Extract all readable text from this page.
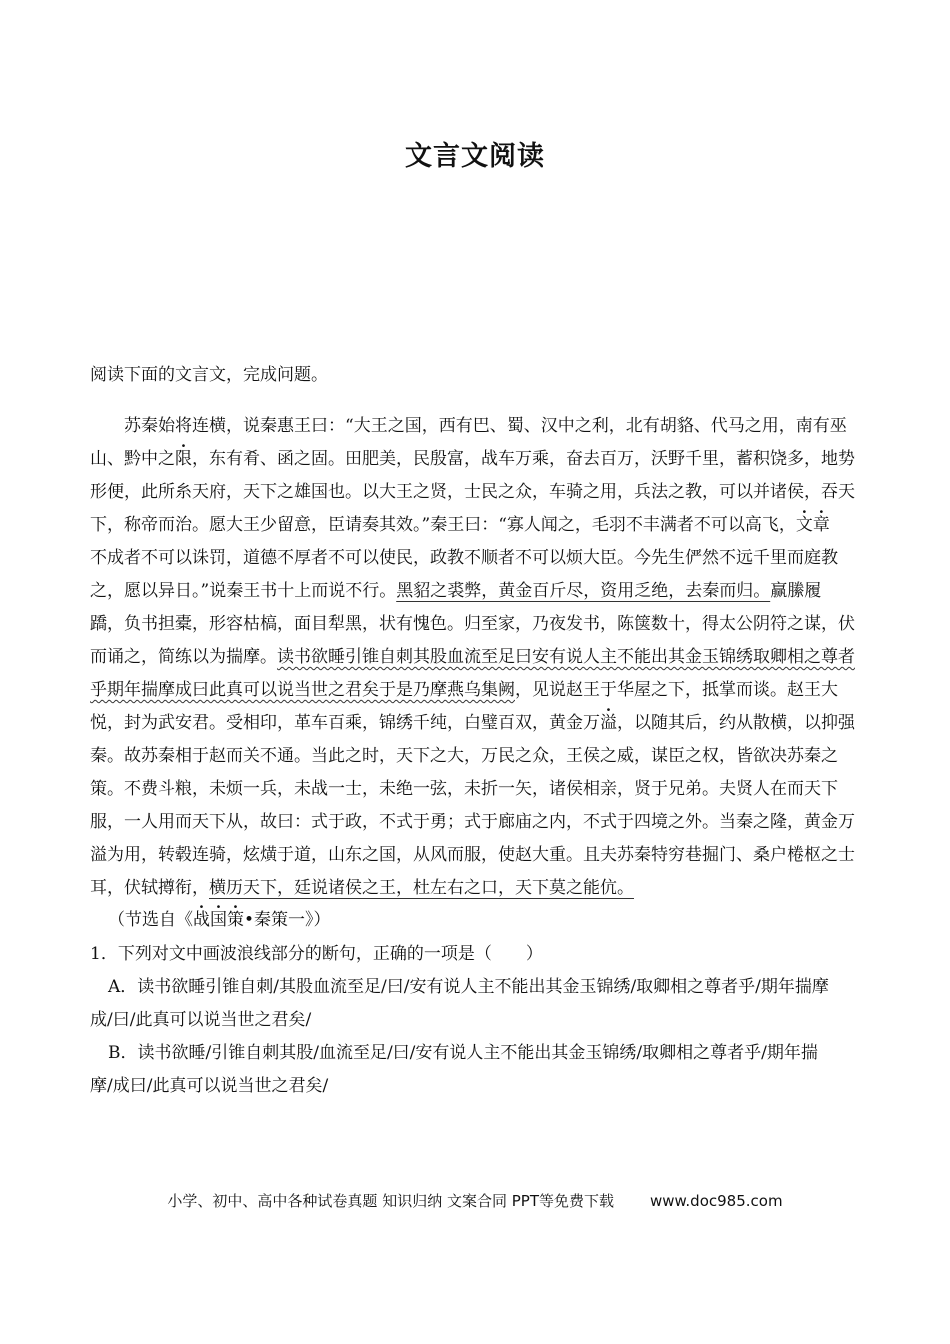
文言文阅读
阅读下面的文言文，完成问题。
苏秦始将连横，说秦惠王曰：“大王之国，西有巴、蜀、汉中之利，北有胡貉、代马之用，南有巫
山、黔中之限，东有肴、函之固。田肥美，民殷富，战车万乘，奋去百万，沃野千里，蓄积饶多，地势
形便，此所糸天府，天下之雄国也。以大王之贤，士民之众，车骑之用，兵法之教，可以并诸侯，吞天
下，称帝而治。愿大王少留意，臣请奏其效。”秦王曰：“寡人闻之，毛羽不丰满者不可以高飞，文章
不成者不可以诛罚，道德不厚者不可以使民，政教不顺者不可以烦大臣。今先生俨然不远千里而庭教
之，愿以异日。”说秦王书十上而说不行。黑貂之裘弊，黄金百斤尽，资用乏绝，去秦而归。赢縢履
蹻，负书担橐，形容枯槁，面目犁黑，状有愧色。归至家，乃夜发书，陈箧数十，得太公阴符之谋，伏
而诵之，简练以为揣摩。读书欲睡引锥自刺其股血流至足曰安有说人主不能出其金玉锦绣取卿相之尊者
乎期年揣摩成曰此真可以说当世之君矣于是乃摩燕乌集阙，见说赵王于华屋之下，抵掌而谈。赵王大
悦，封为武安君。受相印，革车百乘，锦绣千纯，白璧百双，黄金万溢，以随其后，约从散横，以抑强
秦。故苏秦相于赵而关不通。当此之时，天下之大，万民之众，王侯之威，谋臣之权，皆欲决苏秦之
策。不费斗粮，未烦一兵，未战一士，未绝一弦，未折一矢，诸侯相亲，贤于兄弟。夫贤人在而天下
服，一人用而天下从，故曰：式于政，不式于勇；式于廊庙之内，不式于四境之外。当秦之隆，黄金万
溢为用，转毂连骑，炫熿于道，山东之国，从风而服，使赵大重。且夫苏秦特穷巷掘门、桑户棬枢之士
耳，伏轼撙衔，横历天下，廷说诸侯之王，杜左右之口，天下莫之能伉。
（节选自《战国策•秦策一》）
1．下列对文中画波浪线部分的断句，正确的一项是（　　）
A．读书欲睡引锥自刺/其股血流至足/曰/安有说人主不能出其金玉锦绣/取卿相之尊者乎/期年揣摩
成/曰/此真可以说当世之君矣/
B．读书欲睡/引锥自刺其股/血流至足/曰/安有说人主不能出其金玉锦绣/取卿相之尊者乎/期年揣
摩/成曰/此真可以说当世之君矣/
小学、初中、高中各种试卷真题 知识归纳 文案合同 PPT等免费下载 www.doc985.com
